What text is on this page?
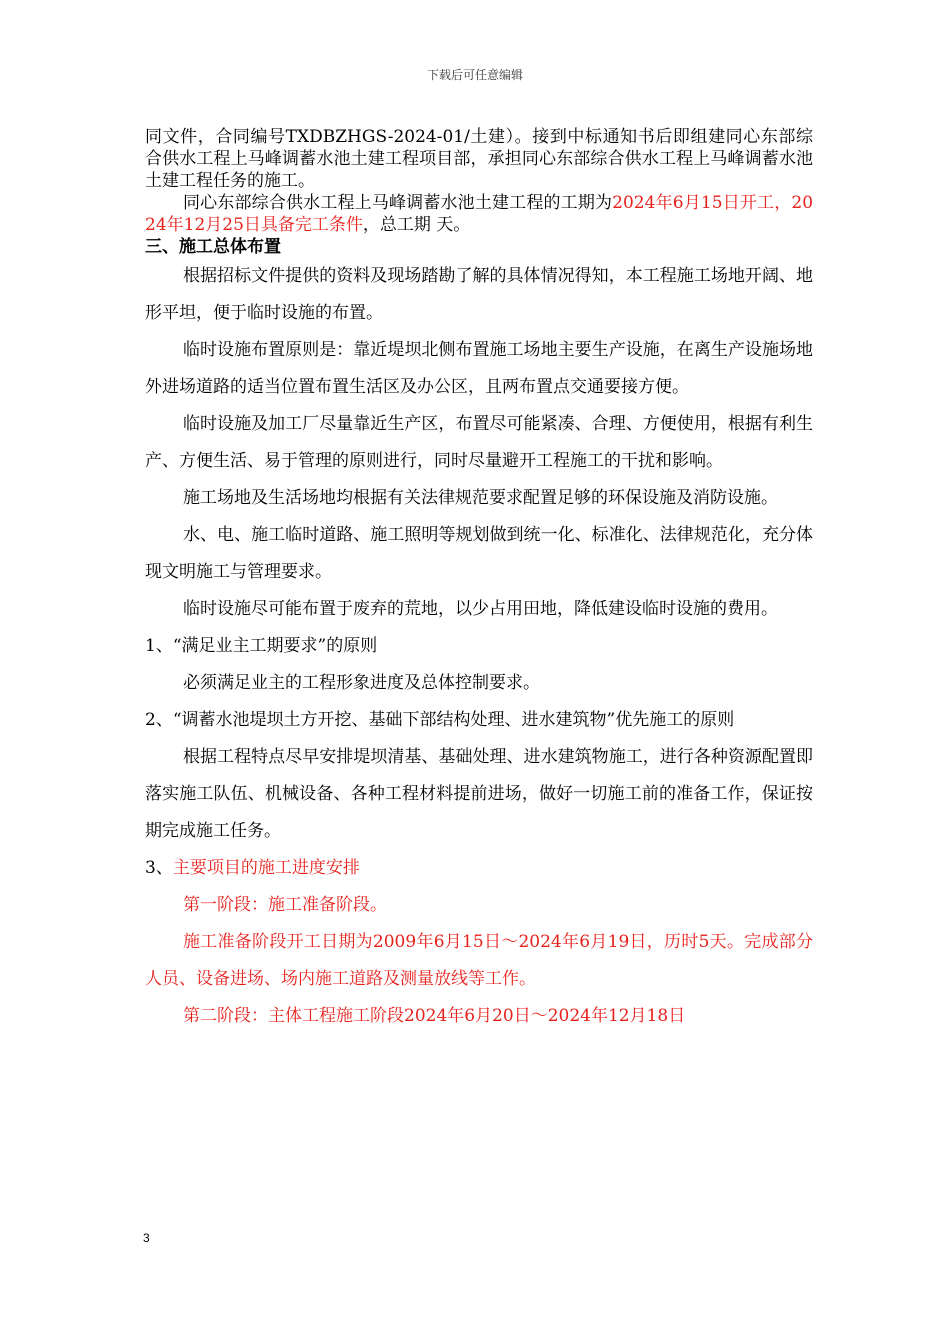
下载后可任意编辑

同文件，合同编号TXDBZHGS-2024-01/土建）。接到中标通知书后即组建同心东部综合供水工程上马峰调蓄水池土建工程项目部，承担同心东部综合供水工程上马峰调蓄水池土建工程任务的施工。

同心东部综合供水工程上马峰调蓄水池土建工程的工期为2024年6月15日开工，2024年12月25日具备完工条件，总工期 天。

三、施工总体布置

根据招标文件提供的资料及现场踏勘了解的具体情况得知，本工程施工场地开阔、地形平坦，便于临时设施的布置。

临时设施布置原则是：靠近堤坝北侧布置施工场地主要生产设施，在离生产设施场地外进场道路的适当位置布置生活区及办公区，且两布置点交通要接方便。

临时设施及加工厂尽量靠近生产区，布置尽可能紧凑、合理、方便使用，根据有利生产、方便生活、易于管理的原则进行，同时尽量避开工程施工的干扰和影响。

施工场地及生活场地均根据有关法律规范要求配置足够的环保设施及消防设施。

水、电、施工临时道路、施工照明等规划做到统一化、标准化、法律规范化，充分体现文明施工与管理要求。

临时设施尽可能布置于废弃的荒地，以少占用田地，降低建设临时设施的费用。

1、“满足业主工期要求”的原则

必须满足业主的工程形象进度及总体控制要求。

2、“调蓄水池堤坝土方开挖、基础下部结构处理、进水建筑物”优先施工的原则

根据工程特点尽早安排堤坝清基、基础处理、进水建筑物施工，进行各种资源配置即落实施工队伍、机械设备、各种工程材料提前进场，做好一切施工前的准备工作，保证按期完成施工任务。

3、主要项目的施工进度安排

第一阶段：施工准备阶段。

施工准备阶段开工日期为2009年6月15日～2024年6月19日，历时5天。完成部分人员、设备进场、场内施工道路及测量放线等工作。

第二阶段：主体工程施工阶段2024年6月20日～2024年12月18日

3
